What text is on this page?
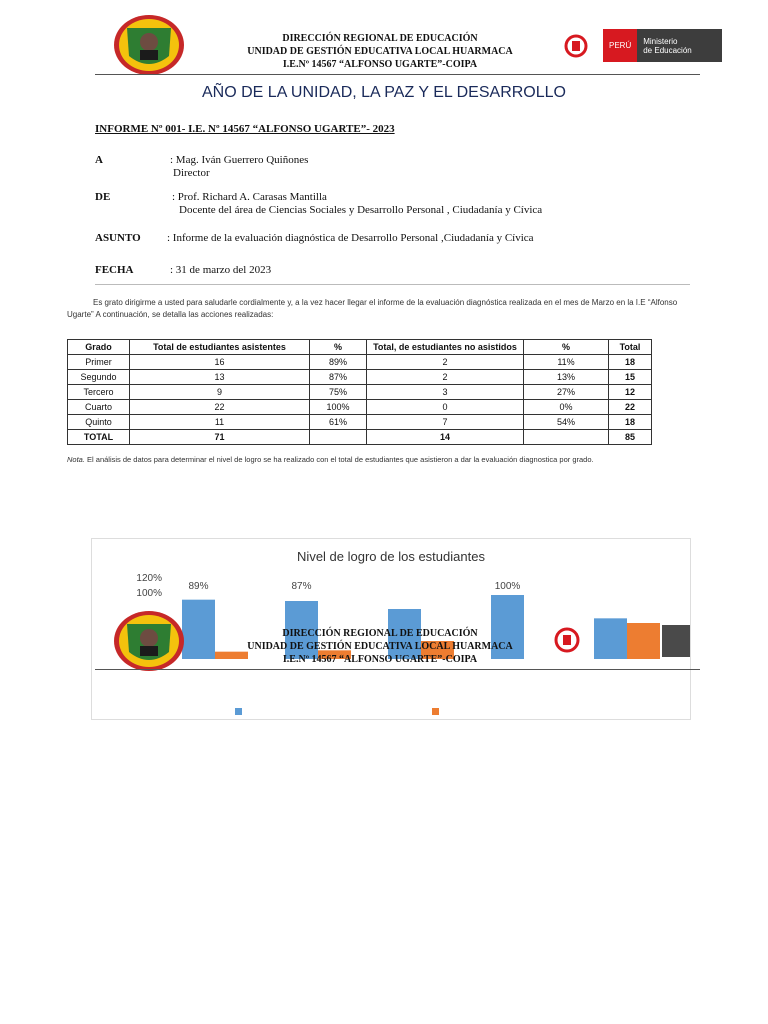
DIRECCIÓN REGIONAL DE EDUCACIÓN
UNIDAD DE GESTIÓN EDUCATIVA LOCAL HUARMACA
I.E.Nº 14567 “ALFONSO UGARTE”-COIPA
PERÚ	Ministerio
de Educación
AÑO DE LA UNIDAD, LA PAZ Y EL DESARROLLO
INFORME Nº 001- I.E. Nº 14567 “ALFONSO UGARTE”- 2023
A	: Mag. Iván Guerrero Quiñones
Director
DE	: Prof. Richard A. Carasas Mantilla
Docente del área de Ciencias Sociales y Desarrollo Personal , Ciudadanía y Cívica
ASUNTO : Informe de la evaluación diagnóstica de Desarrollo Personal ,Ciudadanía y Cívica
FECHA	: 31 de marzo del 2023
Es grato dirigirme a usted para saludarle cordialmente y, a la vez hacer llegar el informe de la evaluación diagnóstica realizada en el mes de Marzo en la I.E “Alfonso Ugarte” A continuación, se detalla las acciones realizadas:
Grado	Total de estudiantes asistentes	%	Total, de estudiantes no asistidos	%	Total
Primer	16	89%	2	11%	18
Segundo	13	87%	2	13%	15
Tercero	9	75%	3	27%	12
Cuarto	22	100%	0	0%	22
Quinto	11	61%	7	54%	18
TOTAL	71		14		85
Nota. El análisis de datos para determinar el nivel de logro se ha realizado con el total de estudiantes que asistieron a dar la evaluación diagnostica por grado.
Nivel de logro de los estudiantes
120%
100%
89%	87%	100%
DIRECCIÓN REGIONAL DE EDUCACIÓN
UNIDAD DE GESTIÓN EDUCATIVA LOCAL HUARMACA
I.E.Nº 14567 “ALFONSO UGARTE”-COIPA
